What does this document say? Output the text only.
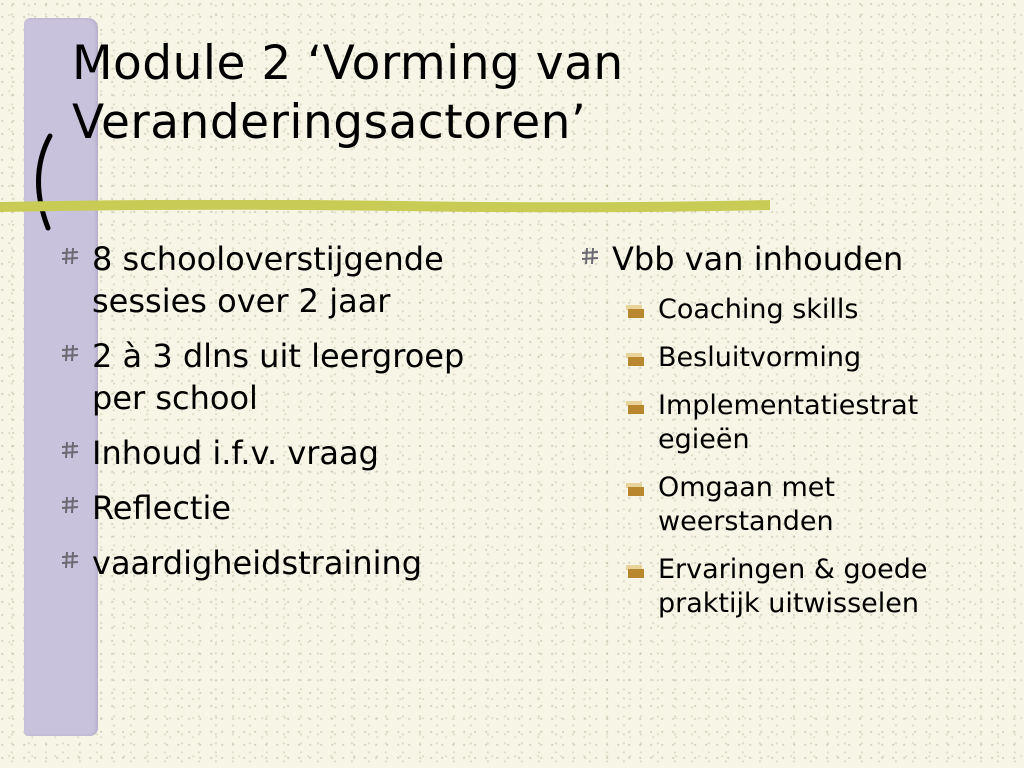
Module 2 ‘Vorming van
Veranderingsactoren’
8 schooloverstijgende
sessies over 2 jaar
2 à 3 dlns uit leergroep
per school
Inhoud i.f.v. vraag
Reflectie
vaardigheidstraining
Vbb van inhouden
Coaching skills
Besluitvorming
Implementatiestrat egieën
Omgaan met weerstanden
Ervaringen & goede praktijk uitwisselen
